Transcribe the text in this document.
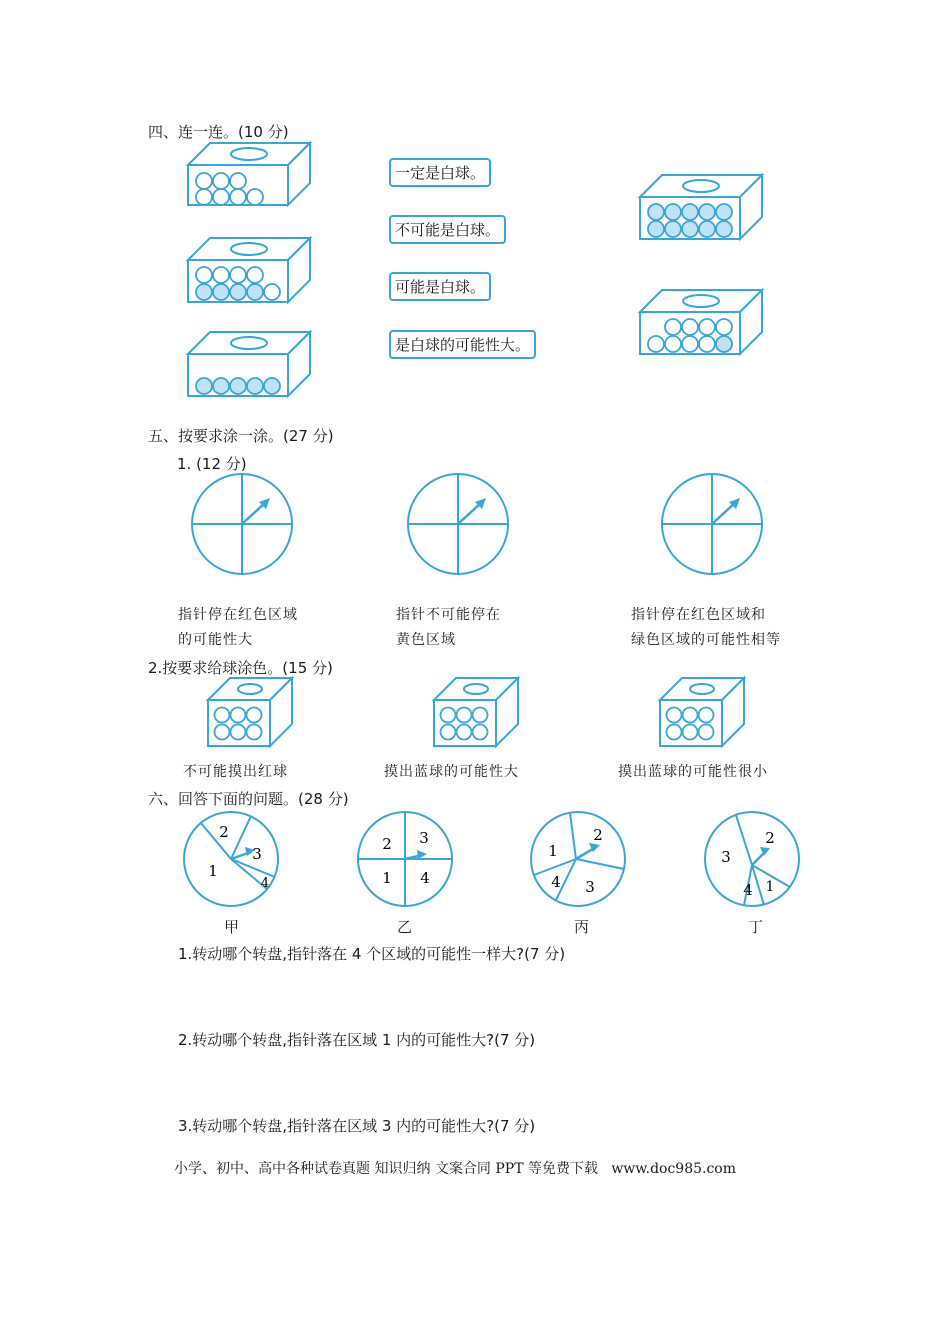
四、连一连。(10 分)
一定是白球。
不可能是白球。
可能是白球。
是白球的可能性大。
五、按要求涂一涂。(27 分)
1. (12 分)
指针停在红色区域
的可能性大
指针不可能停在
黄色区域
指针停在红色区域和
绿色区域的可能性相等
2.按要求给球涂色。(15 分)
不可能摸出红球	摸出蓝球的可能性大	摸出蓝球的可能性很小
六、回答下面的问题。(28 分)
1
2
3
4
2 3
1 4
1
2
4 3
3
2
4 1
甲	乙	丙	丁
1.转动哪个转盘,指针落在 4 个区域的可能性一样大?(7 分)
2.转动哪个转盘,指针落在区域 1 内的可能性大?(7 分)
3.转动哪个转盘,指针落在区域 3 内的可能性大?(7 分)
小学、初中、高中各种试卷真题 知识归纳 文案合同 PPT 等免费下载   www.doc985.com
